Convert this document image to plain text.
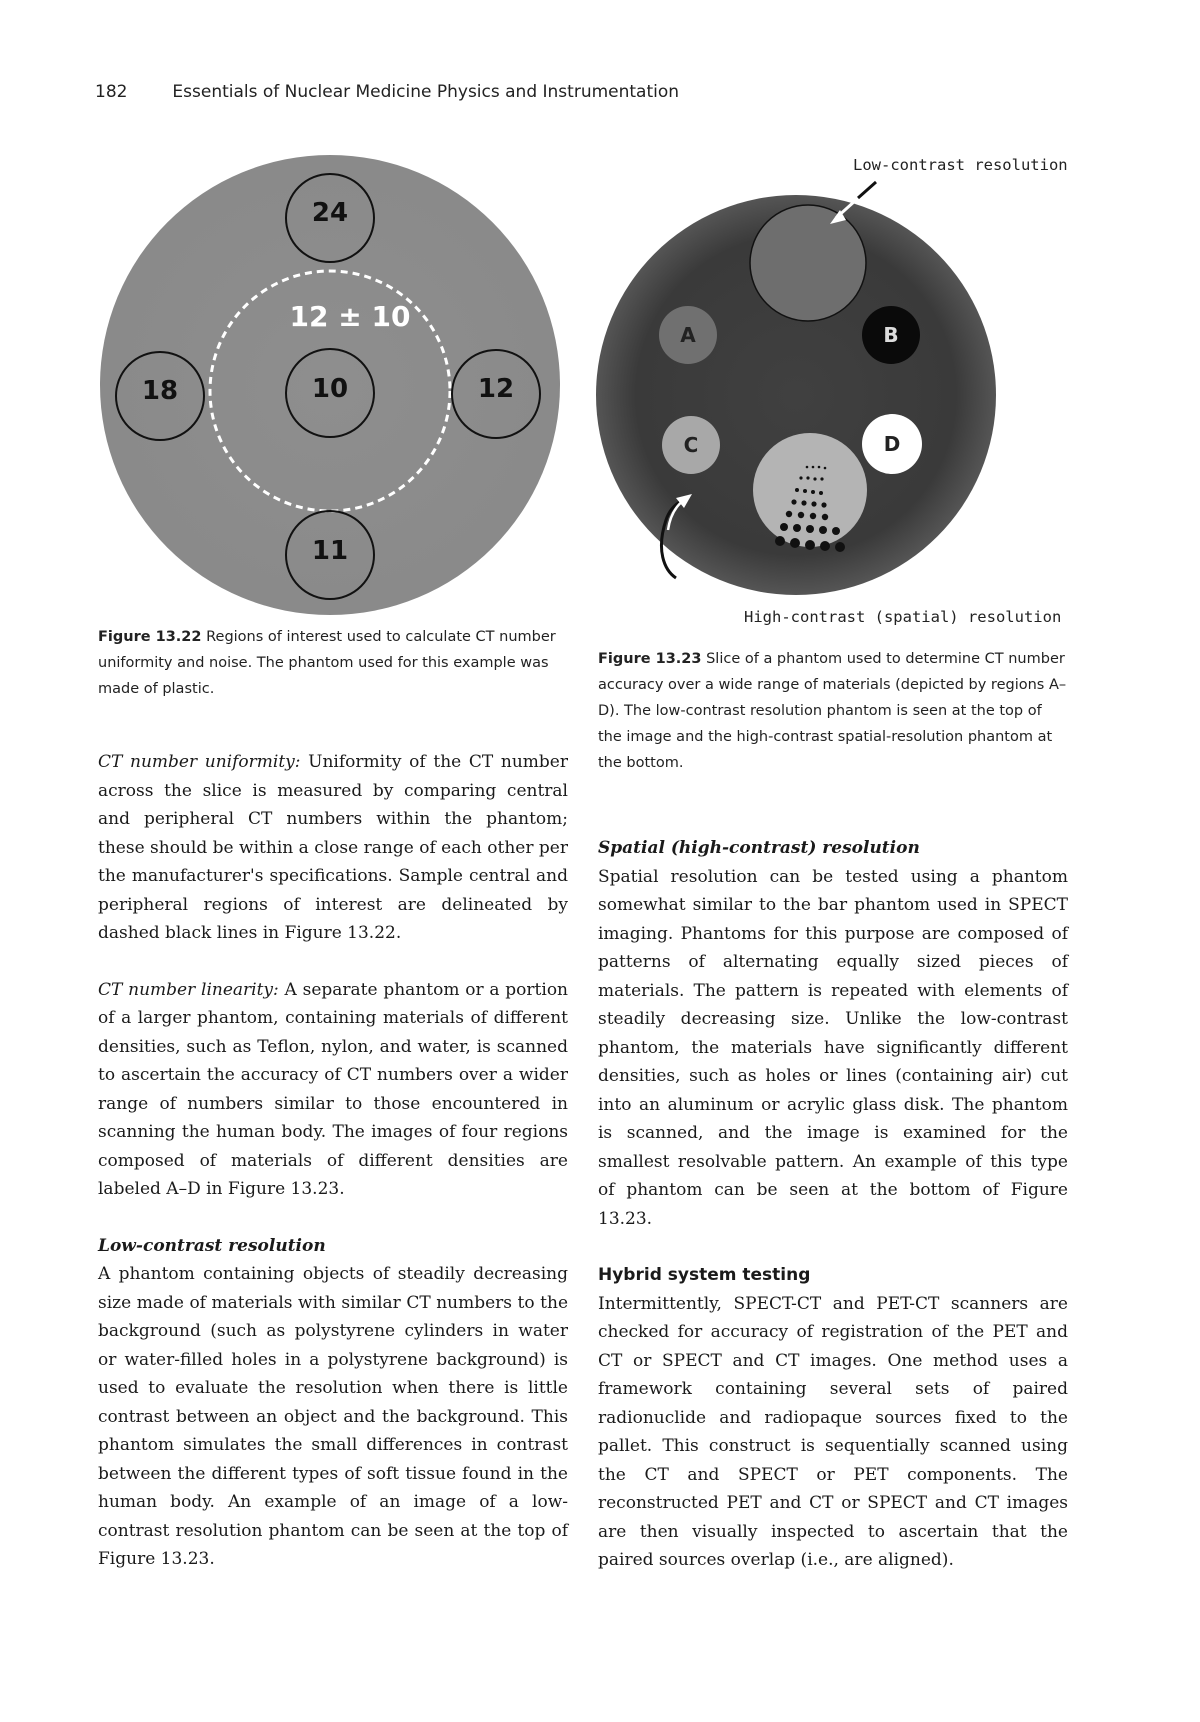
182	Essentials of Nuclear Medicine Physics and Instrumentation
24
18	10	12
11
12 ± 10
Figure 13.22 Regions of interest used to calculate CT number uniformity and noise. The phantom used for this example was made of plastic.
A	B
C	D
Low-contrast resolution
High-contrast (spatial) resolution
Figure 13.23 Slice of a phantom used to determine CT number accuracy over a wide range of materials (depicted by regions A–D). The low-contrast resolution phantom is seen at the top of the image and the high-contrast spatial-resolution phantom at the bottom.

CT number uniformity: Uniformity of the CT number across the slice is measured by comparing central and peripheral CT numbers within the phantom; these should be within a close range of each other per the manufacturer's specifications. Sample central and peripheral regions of interest are delineated by dashed black lines in Figure 13.22.

CT number linearity: A separate phantom or a portion of a larger phantom, containing materials of different densities, such as Teflon, nylon, and water, is scanned to ascertain the accuracy of CT numbers over a wider range of numbers similar to those encountered in scanning the human body. The images of four regions composed of materials of different densities are labeled A–D in Figure 13.23.

Low-contrast resolution

A phantom containing objects of steadily decreasing size made of materials with similar CT numbers to the background (such as polystyrene cylinders in water or water-filled holes in a polystyrene background) is used to evaluate the resolution when there is little contrast between an object and the background. This phantom simulates the small differences in contrast between the different types of soft tissue found in the human body. An example of an image of a low-contrast resolution phantom can be seen at the top of Figure 13.23.

Spatial (high-contrast) resolution

Spatial resolution can be tested using a phantom somewhat similar to the bar phantom used in SPECT imaging. Phantoms for this purpose are composed of patterns of alternating equally sized pieces of materials. The pattern is repeated with elements of steadily decreasing size. Unlike the low-contrast phantom, the materials have significantly different densities, such as holes or lines (containing air) cut into an aluminum or acrylic glass disk. The phantom is scanned, and the image is examined for the smallest resolvable pattern. An example of this type of phantom can be seen at the bottom of Figure 13.23.

Hybrid system testing

Intermittently, SPECT-CT and PET-CT scanners are checked for accuracy of registration of the PET and CT or SPECT and CT images. One method uses a framework containing several sets of paired radionuclide and radiopaque sources fixed to the pallet. This construct is sequentially scanned using the CT and SPECT or PET components. The reconstructed PET and CT or SPECT and CT images are then visually inspected to ascertain that the paired sources overlap (i.e., are aligned).
